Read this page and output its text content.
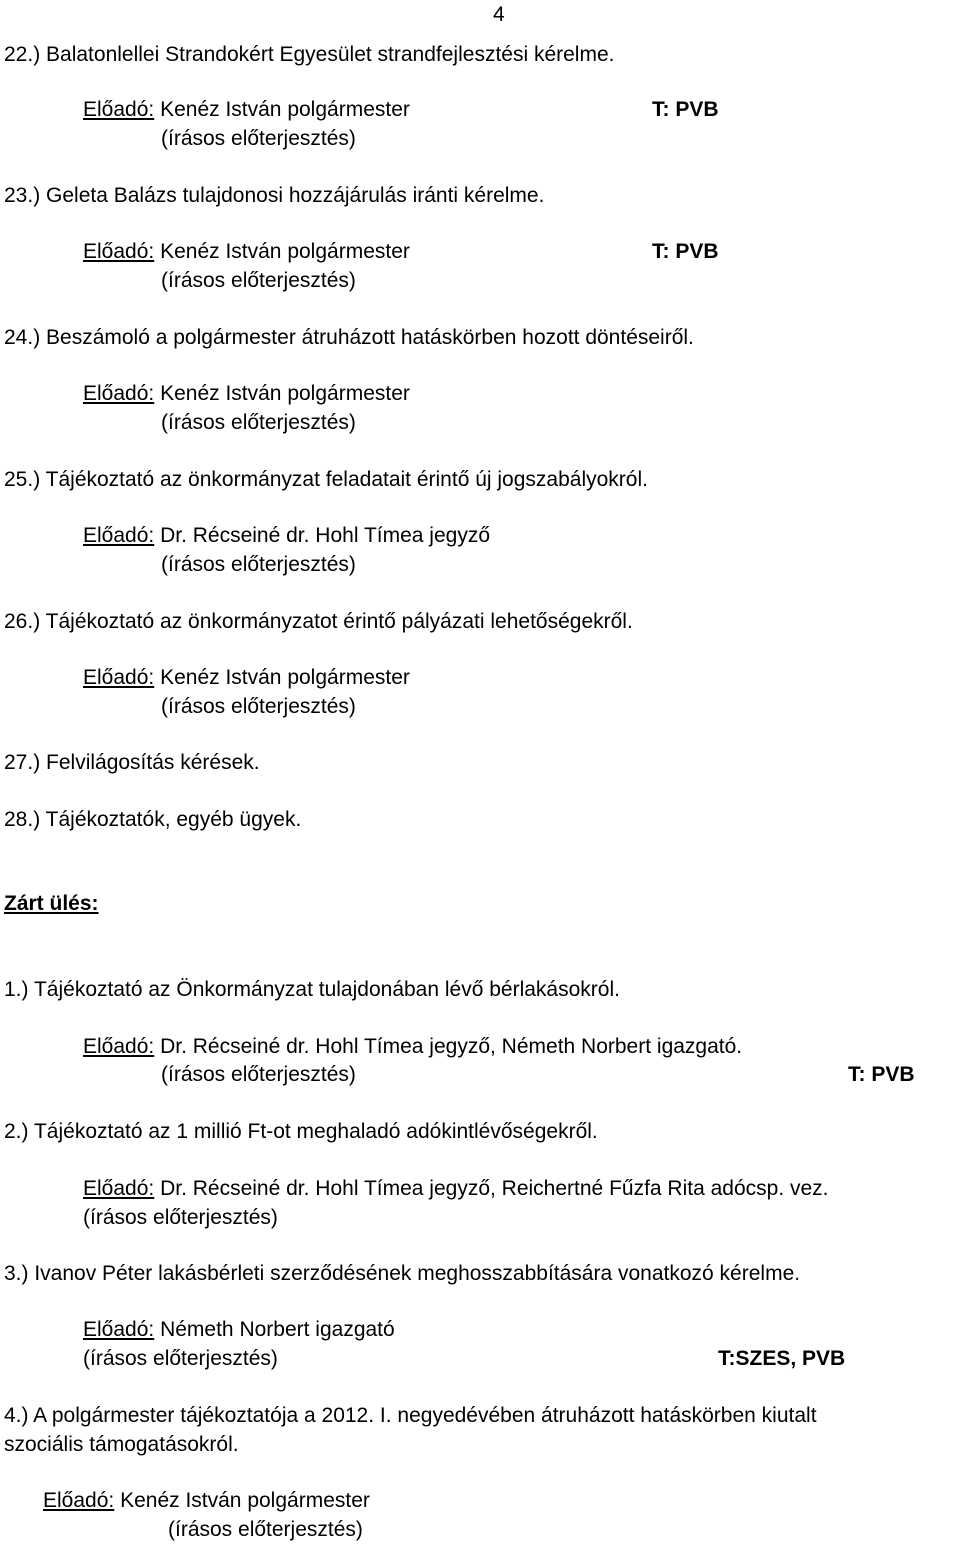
4
22.) Balatonlellei Strandokért Egyesület strandfejlesztési kérelme.
Előadó: Kenéz István polgármester	T: PVB
(írásos előterjesztés)
23.) Geleta Balázs tulajdonosi hozzájárulás iránti kérelme.
Előadó: Kenéz István polgármester	T: PVB
(írásos előterjesztés)
24.) Beszámoló a polgármester átruházott hatáskörben hozott döntéseiről.
Előadó: Kenéz István polgármester
(írásos előterjesztés)
25.) Tájékoztató az önkormányzat feladatait érintő új jogszabályokról.
Előadó: Dr. Récseiné dr. Hohl Tímea jegyző
(írásos előterjesztés)
26.) Tájékoztató az önkormányzatot érintő pályázati lehetőségekről.
Előadó: Kenéz István polgármester
(írásos előterjesztés)
27.) Felvilágosítás kérések.
28.) Tájékoztatók, egyéb ügyek.
Zárt ülés:
1.) Tájékoztató az Önkormányzat tulajdonában lévő bérlakásokról.
Előadó: Dr. Récseiné dr. Hohl Tímea jegyző, Németh Norbert igazgató.
(írásos előterjesztés)	T: PVB
2.) Tájékoztató az 1 millió Ft-ot meghaladó adókintlévőségekről.
Előadó: Dr. Récseiné dr. Hohl Tímea jegyző, Reichertné Fűzfa Rita adócsp. vez.
(írásos előterjesztés)
3.) Ivanov Péter lakásbérleti szerződésének meghosszabbítására vonatkozó kérelme.
Előadó: Németh Norbert igazgató
(írásos előterjesztés)	T:SZES, PVB
4.) A polgármester tájékoztatója a 2012. I. negyedévében átruházott hatáskörben kiutalt
szociális támogatásokról.
Előadó: Kenéz István polgármester
(írásos előterjesztés)
